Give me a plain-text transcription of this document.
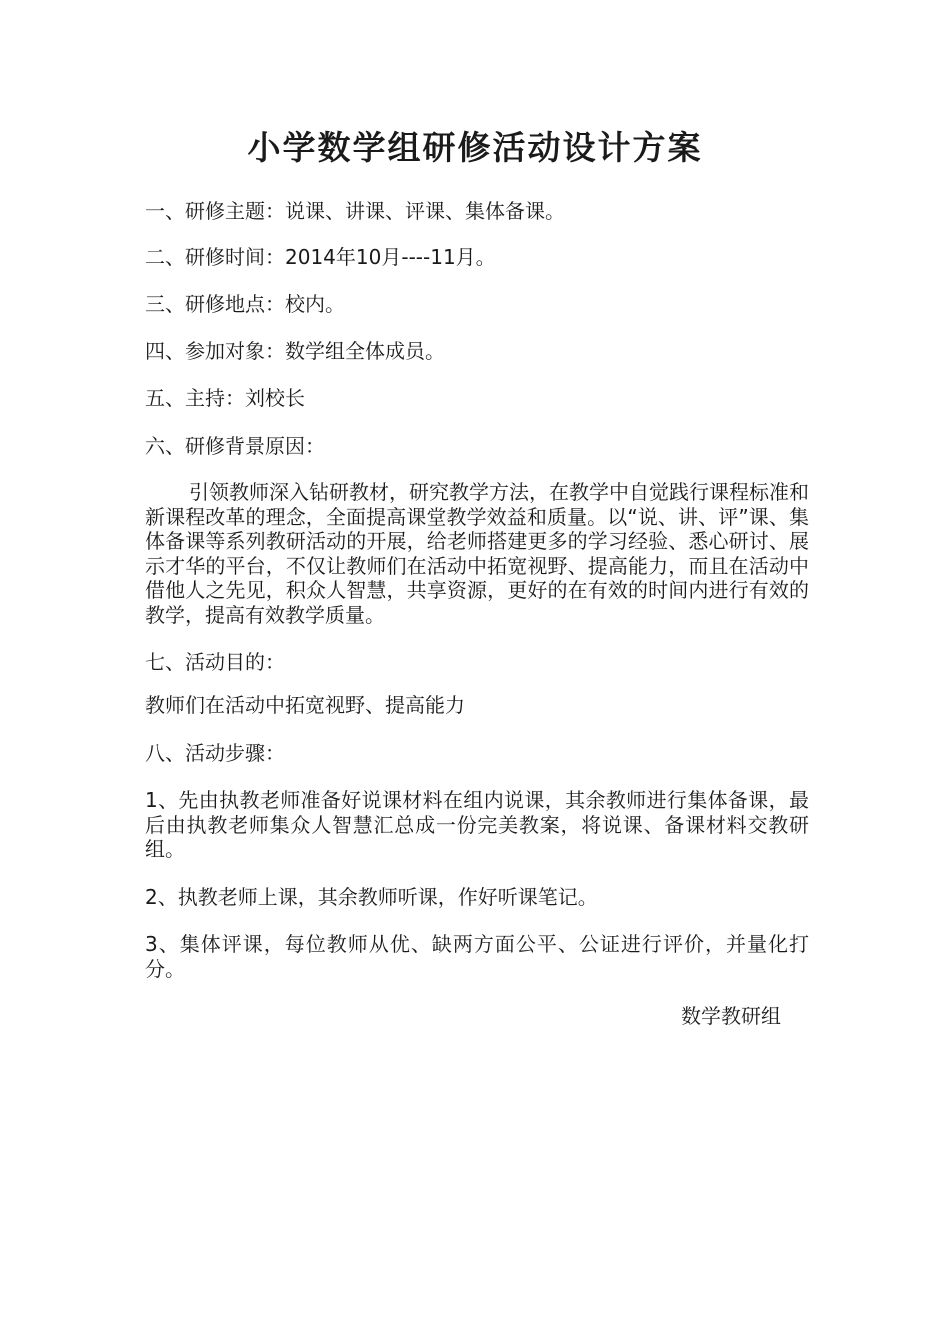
小学数学组研修活动设计方案
一、研修主题：说课、讲课、评课、集体备课。
二、研修时间：2014年10月----11月。
三、研修地点：校内。
四、参加对象：数学组全体成员。
五、主持：刘校长
六、研修背景原因：
引领教师深入钻研教材，研究教学方法，在教学中自觉践行课程标准和新课程改革的理念，全面提高课堂教学效益和质量。以“说、讲、评”课、集体备课等系列教研活动的开展，给老师搭建更多的学习经验、悉心研讨、展示才华的平台，不仅让教师们在活动中拓宽视野、提高能力，而且在活动中借他人之先见，积众人智慧，共享资源，更好的在有效的时间内进行有效的教学，提高有效教学质量。
七、活动目的：
教师们在活动中拓宽视野、提高能力
八、活动步骤：
1、先由执教老师准备好说课材料在组内说课，其余教师进行集体备课，最后由执教老师集众人智慧汇总成一份完美教案，将说课、备课材料交教研组。
2、执教老师上课，其余教师听课，作好听课笔记。
3、集体评课，每位教师从优、缺两方面公平、公证进行评价，并量化打分。
数学教研组
